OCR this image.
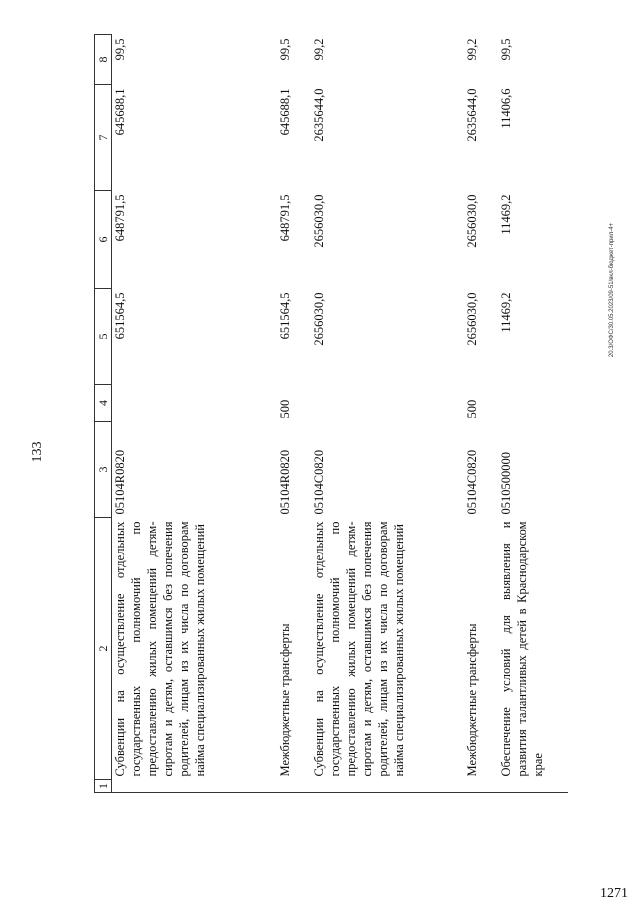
133
20.3/ОФС/30.05.2023/09-51/вкл-бюджет-прил-4+
1	2	3	4	5	6	7	8
	Субвенции на осуществление отдельных государственных полномочий по предоставлению жилых помещений детям-сиротам и детям, оставшимся без попечения родителей, лицам из их числа по договорам найма специализированных жилых помещений	05104R0820		651564,5	648791,5	645688,1	99,5
	Межбюджетные трансферты	05104R0820	500	651564,5	648791,5	645688,1	99,5
	Субвенции на осуществление отдельных государственных полномочий по предоставлению жилых помещений детям-сиротам и детям, оставшимся без попечения родителей, лицам из их числа по договорам найма специализированных жилых помещений	05104C0820		2656030,0	2656030,0	2635644,0	99,2
	Межбюджетные трансферты	05104C0820	500	2656030,0	2656030,0	2635644,0	99,2
	Обеспечение условий для выявления и развития талантливых детей в Краснодарском крае	0510500000		11469,2	11469,2	11406,6	99,5
1271
